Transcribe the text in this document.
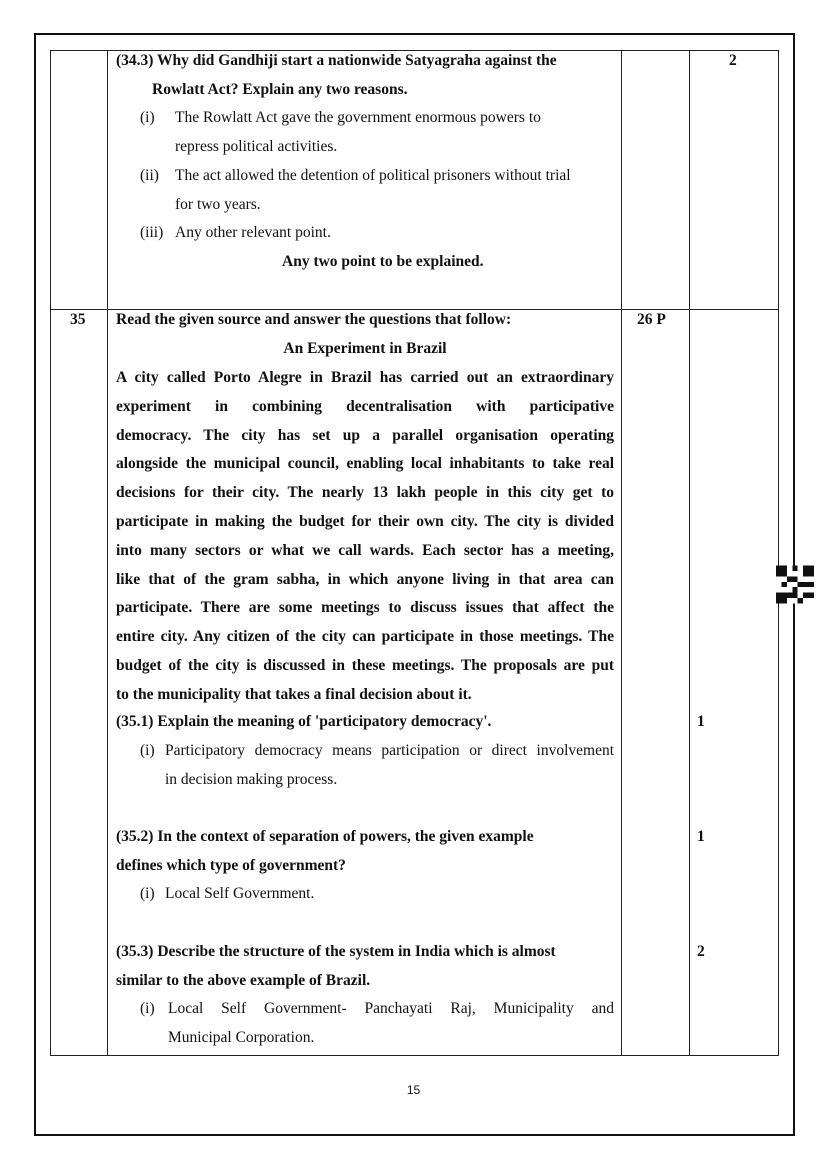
(34.3) Why did Gandhiji start a nationwide Satyagraha against the
Rowlatt Act? Explain any two reasons.
(i) The Rowlatt Act gave the government enormous powers to
repress political activities.
(ii) The act allowed the detention of political prisoners without trial
for two years.
(iii) Any other relevant point.
Any two point to be explained.
2
35 Read the given source and answer the questions that follow:	26 P
An Experiment in Brazil
A city called Porto Alegre in Brazil has carried out an extraordinary
experiment in combining decentralisation with participative
democracy. The city has set up a parallel organisation operating
alongside the municipal council, enabling local inhabitants to take real
decisions for their city. The nearly 13 lakh people in this city get to
participate in making the budget for their own city. The city is divided
into many sectors or what we call wards. Each sector has a meeting,
like that of the gram sabha, in which anyone living in that area can
participate. There are some meetings to discuss issues that affect the
entire city. Any citizen of the city can participate in those meetings. The
budget of the city is discussed in these meetings. The proposals are put
to the municipality that takes a final decision about it.
(35.1) Explain the meaning of 'participatory democracy'.	1
(i) Participatory democracy means participation or direct involvement
in decision making process.
(35.2) In the context of separation of powers, the given example
defines which type of government?
1
(i) Local Self Government.
(35.3) Describe the structure of the system in India which is almost
similar to the above example of Brazil.
2
(i) Local  Self  Government-  Panchayati  Raj,  Municipality  and
Municipal Corporation.
15
